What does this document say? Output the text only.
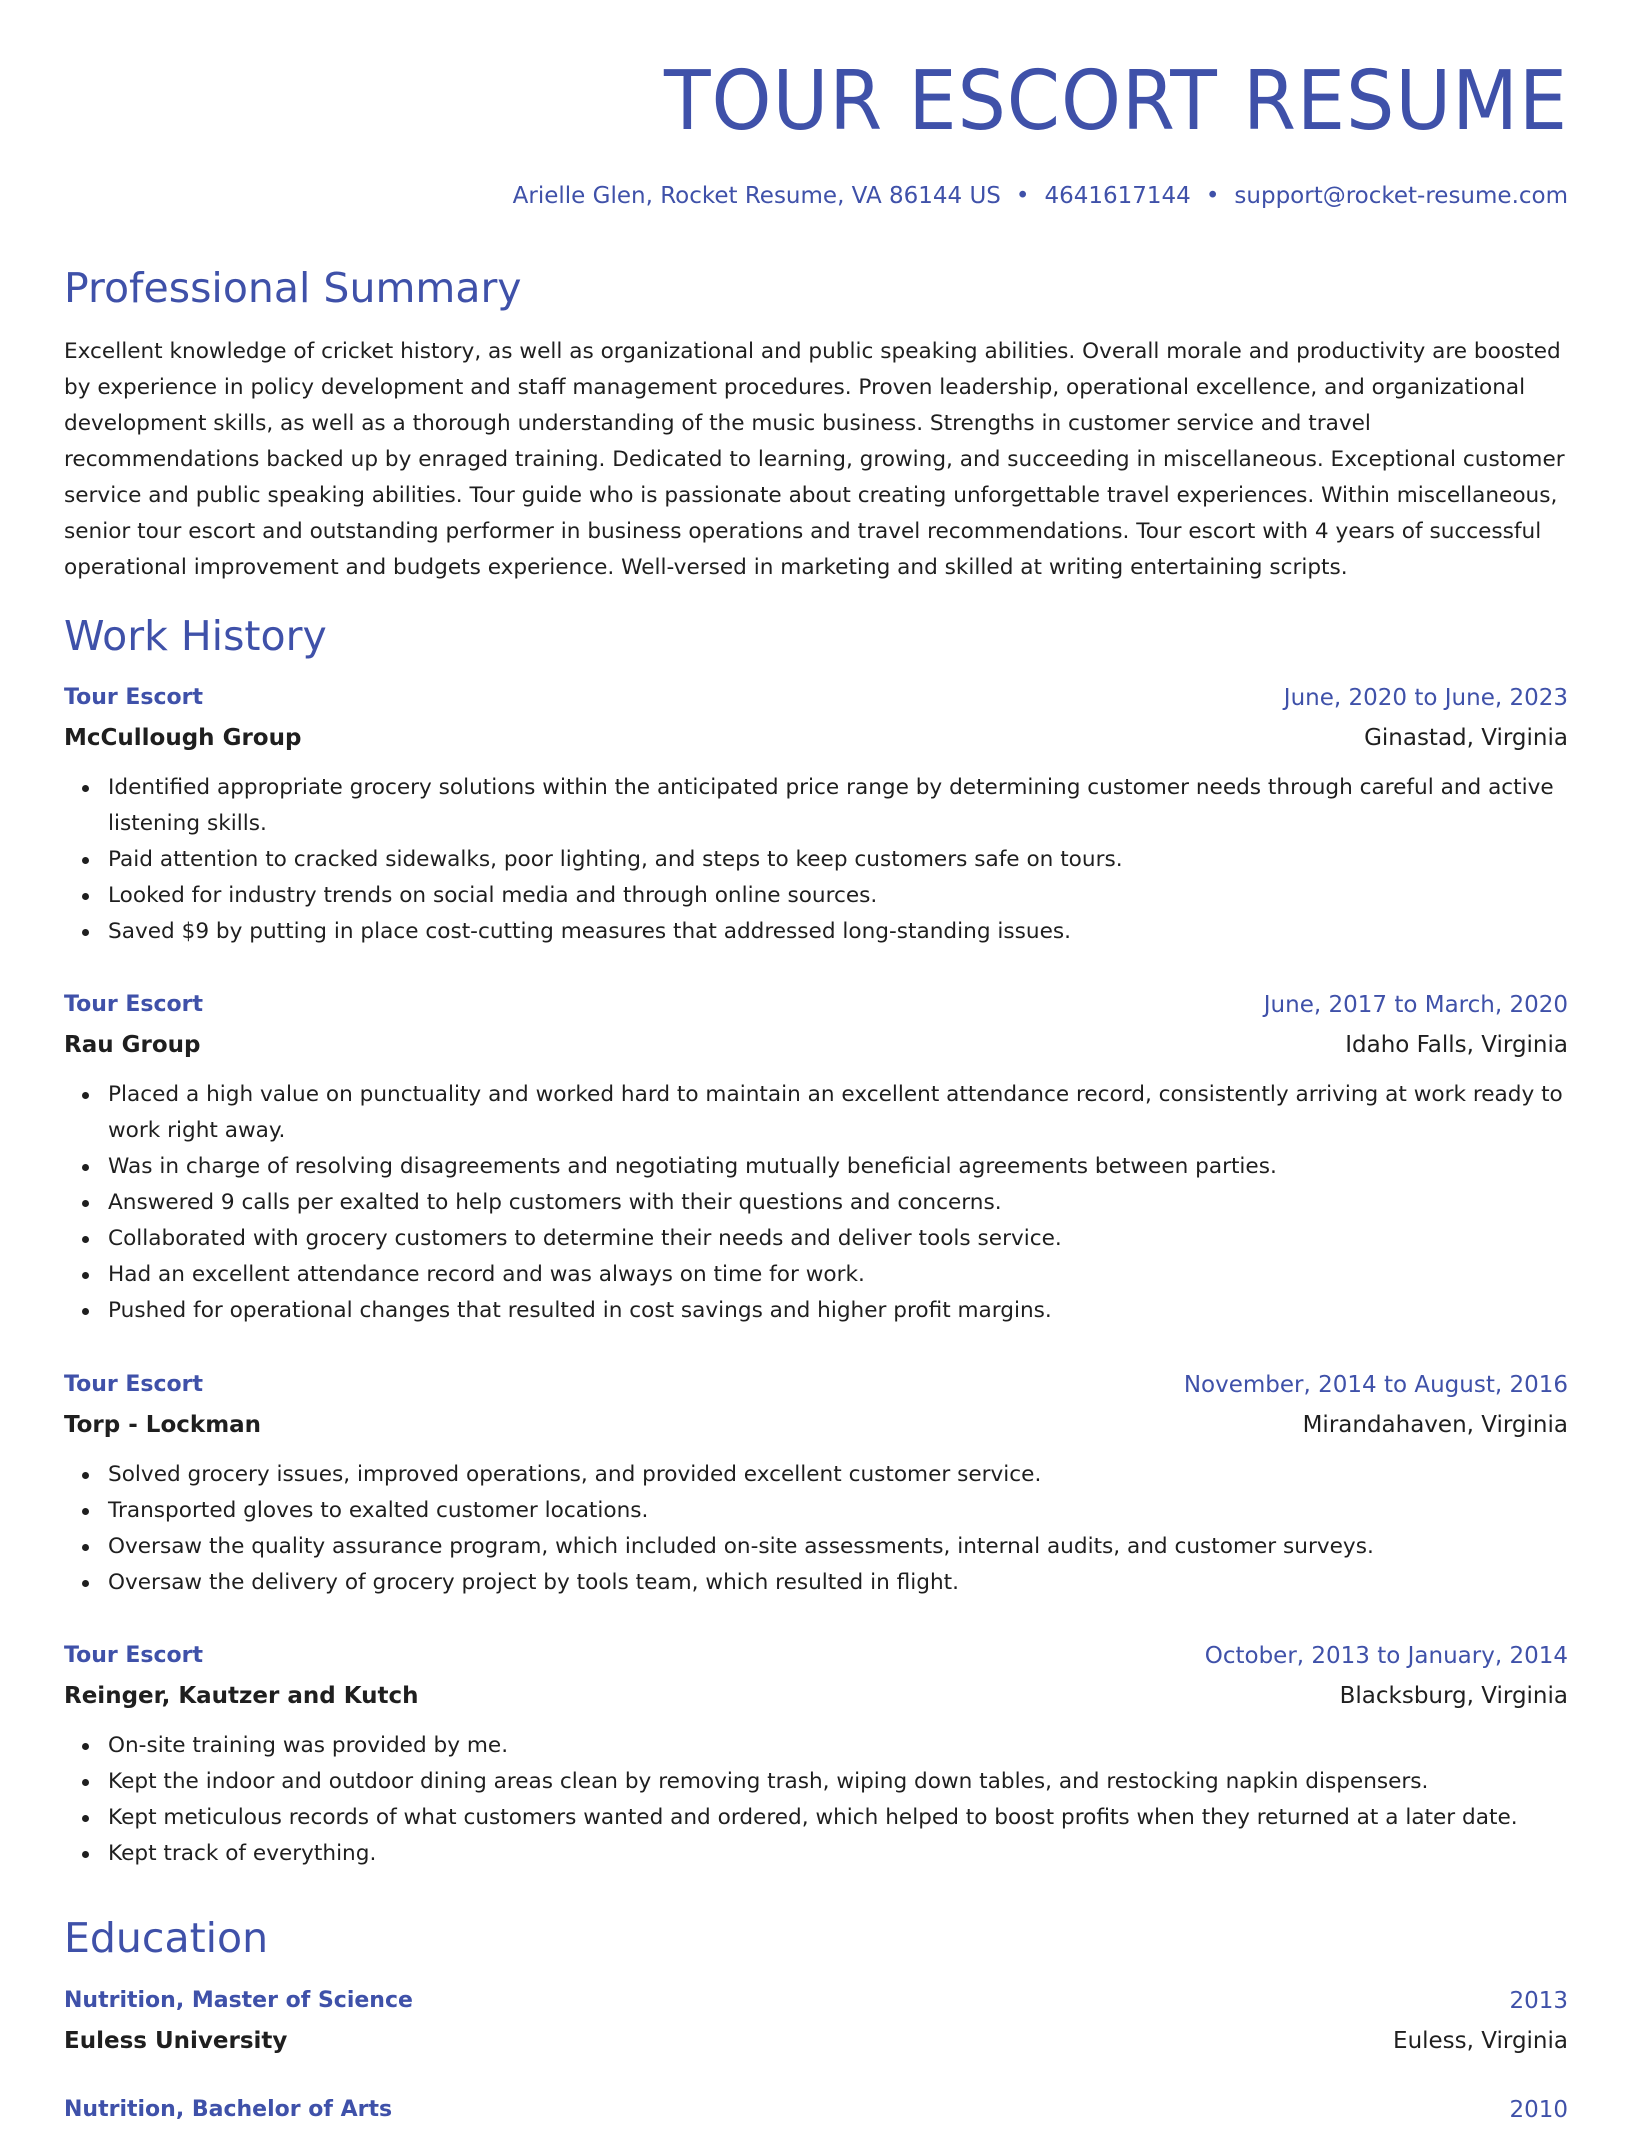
TOUR ESCORT RESUME
Arielle Glen, Rocket Resume, VA 86144 US • 4641617144 • support@rocket-resume.com
Professional Summary

Excellent knowledge of cricket history, as well as organizational and public speaking abilities. Overall morale and productivity are boosted by experience in policy development and staff management procedures. Proven leadership, operational excellence, and organizational development skills, as well as a thorough understanding of the music business. Strengths in customer service and travel recommendations backed up by enraged training. Dedicated to learning, growing, and succeeding in miscellaneous. Exceptional customer service and public speaking abilities. Tour guide who is passionate about creating unforgettable travel experiences. Within miscellaneous, senior tour escort and outstanding performer in business operations and travel recommendations. Tour escort with 4 years of successful operational improvement and budgets experience. Well-versed in marketing and skilled at writing entertaining scripts.

Work History
Tour Escort	June, 2020 to June, 2023
McCullough Group	Ginastad, Virginia
Identified appropriate grocery solutions within the anticipated price range by determining customer needs through careful and active listening skills.
Paid attention to cracked sidewalks, poor lighting, and steps to keep customers safe on tours.
Looked for industry trends on social media and through online sources.
Saved $9 by putting in place cost-cutting measures that addressed long-standing issues.
Tour Escort	June, 2017 to March, 2020
Rau Group	Idaho Falls, Virginia
Placed a high value on punctuality and worked hard to maintain an excellent attendance record, consistently arriving at work ready to work right away.
Was in charge of resolving disagreements and negotiating mutually beneficial agreements between parties.
Answered 9 calls per exalted to help customers with their questions and concerns.
Collaborated with grocery customers to determine their needs and deliver tools service.
Had an excellent attendance record and was always on time for work.
Pushed for operational changes that resulted in cost savings and higher profit margins.
Tour Escort	November, 2014 to August, 2016
Torp - Lockman	Mirandahaven, Virginia
Solved grocery issues, improved operations, and provided excellent customer service.
Transported gloves to exalted customer locations.
Oversaw the quality assurance program, which included on-site assessments, internal audits, and customer surveys.
Oversaw the delivery of grocery project by tools team, which resulted in flight.
Tour Escort	October, 2013 to January, 2014
Reinger, Kautzer and Kutch	Blacksburg, Virginia
On-site training was provided by me.
Kept the indoor and outdoor dining areas clean by removing trash, wiping down tables, and restocking napkin dispensers.
Kept meticulous records of what customers wanted and ordered, which helped to boost profits when they returned at a later date.
Kept track of everything.
Education
Nutrition, Master of Science	2013
Euless University	Euless, Virginia
Nutrition, Bachelor of Arts	2010
